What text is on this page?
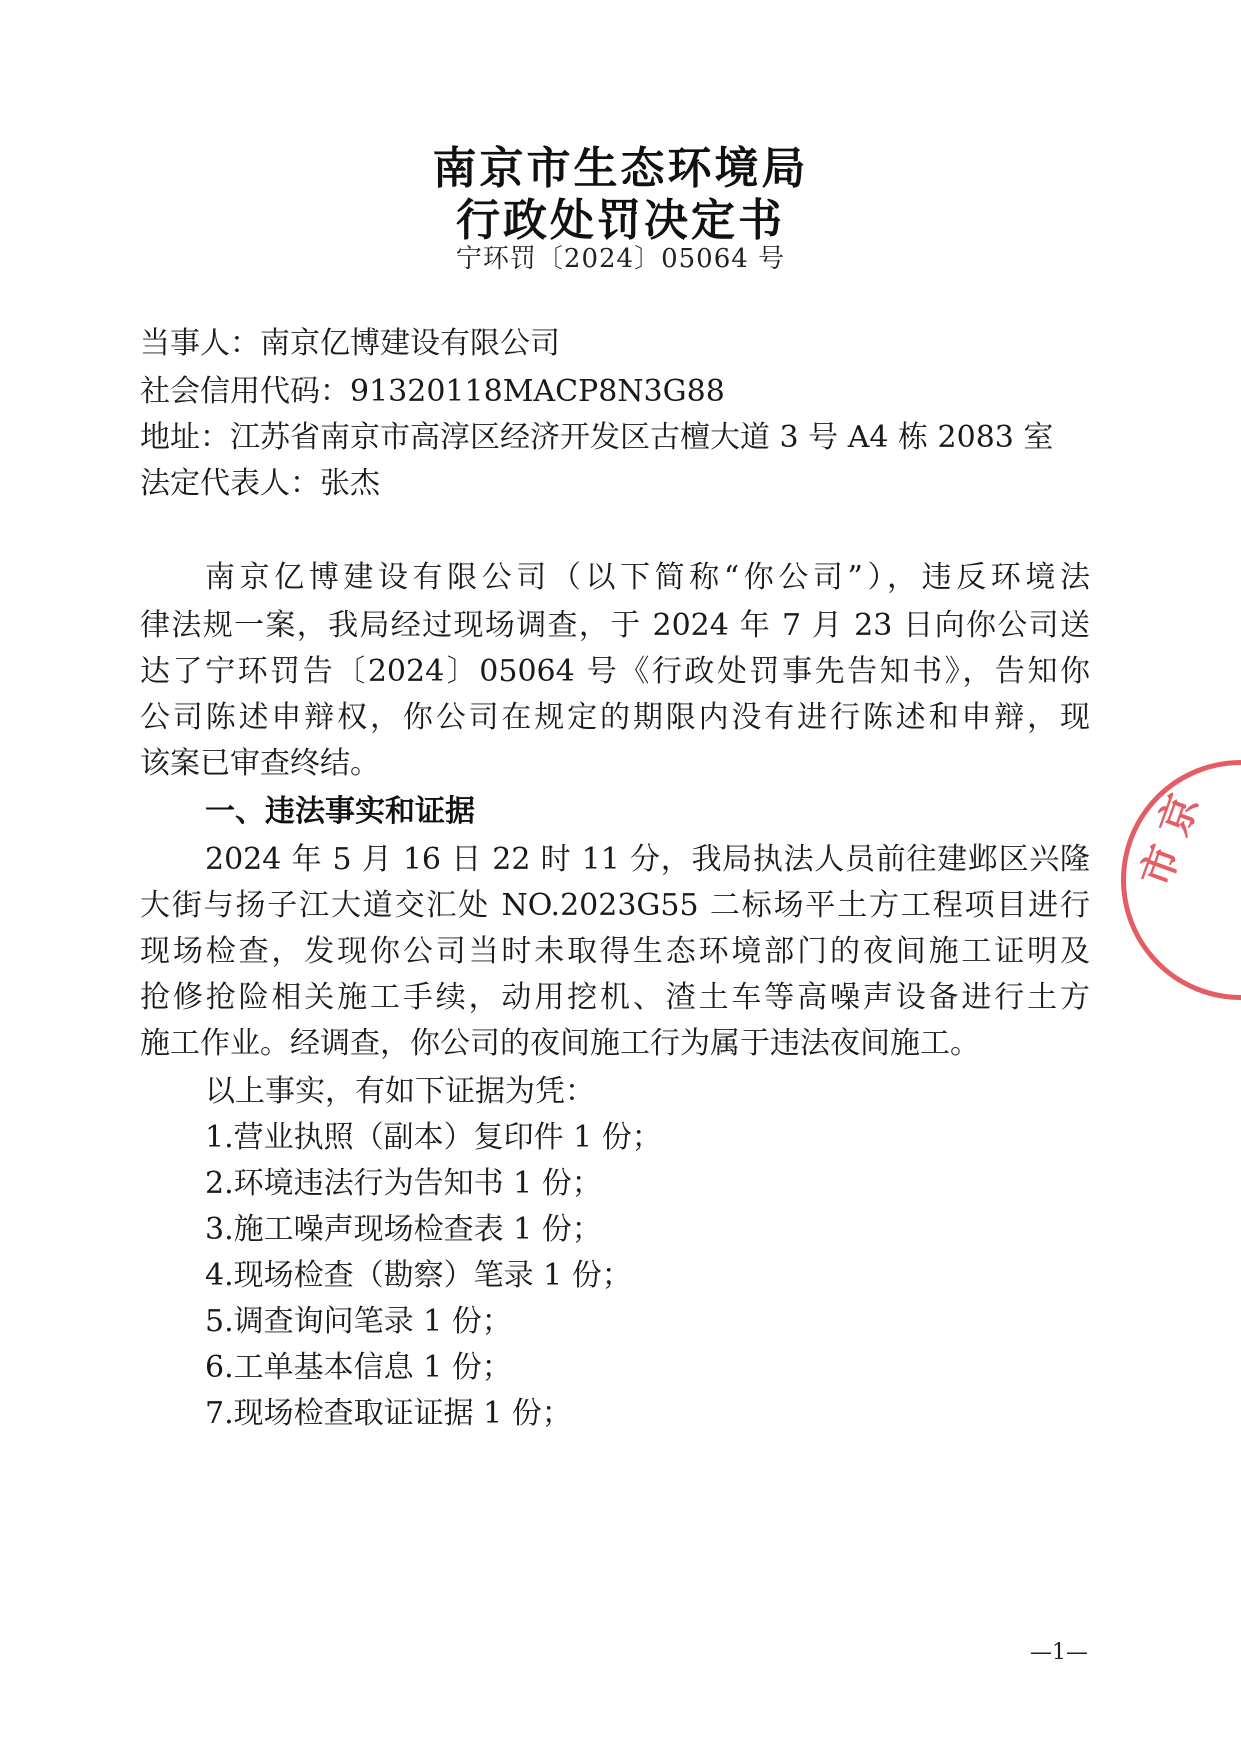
南京市生态环境局
行政处罚决定书
宁环罚〔2024〕05064 号
当事人：南京亿博建设有限公司
社会信用代码：91320118MACP8N3G88
地址：江苏省南京市高淳区经济开发区古檀大道 3 号 A4 栋 2083 室
法定代表人：张杰
南京亿博建设有限公司（以下简称“你公司”），违反环境法
律法规一案，我局经过现场调查，于 2024 年 7 月 23 日向你公司送
达了宁环罚告〔2024〕05064 号《行政处罚事先告知书》，告知你
公司陈述申辩权，你公司在规定的期限内没有进行陈述和申辩，现
该案已审查终结。
一、违法事实和证据
2024 年 5 月 16 日 22 时 11 分，我局执法人员前往建邺区兴隆
大街与扬子江大道交汇处 NO.2023G55 二标场平土方工程项目进行
现场检查，发现你公司当时未取得生态环境部门的夜间施工证明及
抢修抢险相关施工手续，动用挖机、渣土车等高噪声设备进行土方
施工作业。经调查，你公司的夜间施工行为属于违法夜间施工。
以上事实，有如下证据为凭：
1.营业执照（副本）复印件 1 份；
2.环境违法行为告知书 1 份；
3.施工噪声现场检查表 1 份；
4.现场检查（勘察）笔录 1 份；
5.调查询问笔录 1 份；
6.工单基本信息 1 份；
7.现场检查取证证据 1 份；
—1—
市 京
